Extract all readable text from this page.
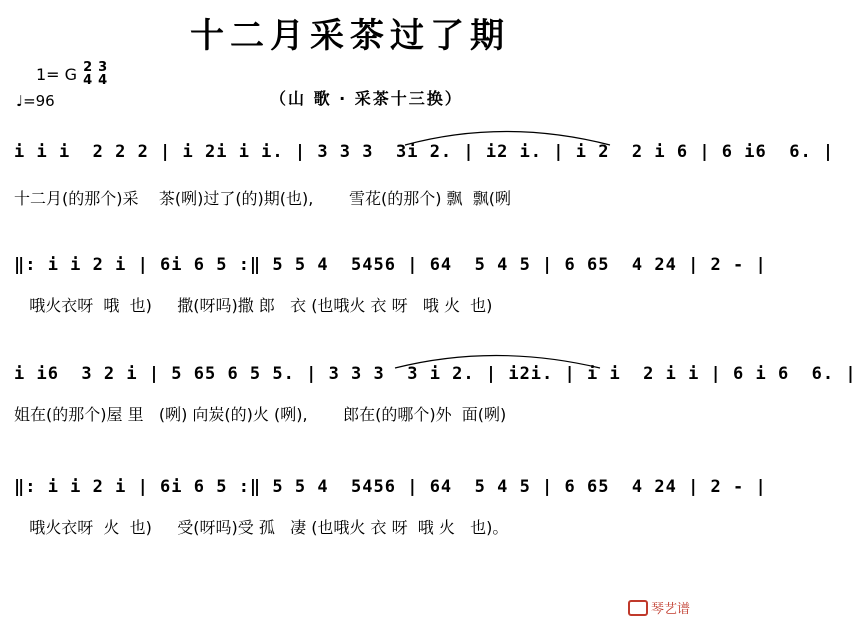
十二月采茶过了期
1= G 2
4
3
4
♩=96	（山 歌 · 采茶十三换）
i i i  2 2 2 | i 2i i i. | 3 3 3  3i 2. | i2 i. | i 2  2 i 6 | 6 i6  6. |
十二月(的那个)采    茶(咧)过了(的)期(也),       雪花(的那个) 飘  飘(咧
‖: i i 2 i | 6i 6 5 :‖ 5 5 4  5456 | 64  5 4 5 | 6 65  4 24 | 2 - |
哦火衣呀  哦  也)     撒(呀吗)撒 郎   衣 (也哦火 衣 呀   哦 火  也)
i i6  3 2 i | 5 65 6 5 5. | 3 3 3  3 i 2. | i2i. | i i  2 i i | 6 i 6  6. |
姐在(的那个)屋 里   (咧) 向炭(的)火 (咧),       郎在(的哪个)外  面(咧)
‖: i i 2 i | 6i 6 5 :‖ 5 5 4  5456 | 64  5 4 5 | 6 65  4 24 | 2 - |
哦火衣呀  火  也)     受(呀吗)受 孤   凄 (也哦火 衣 呀  哦 火   也)。
琴艺谱
